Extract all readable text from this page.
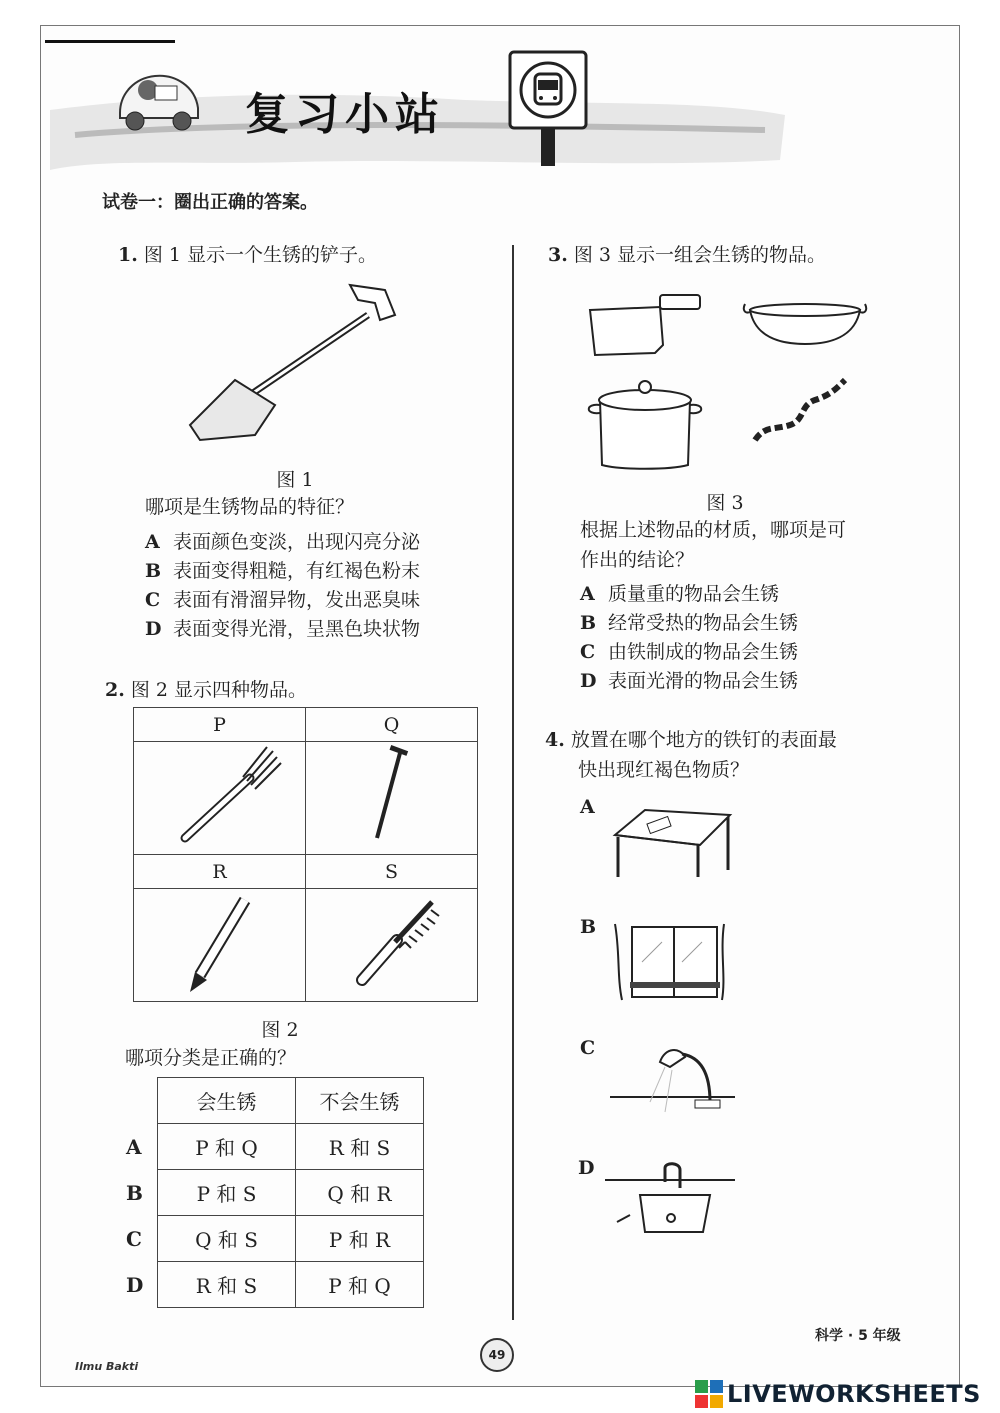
复习小站
试卷一：圈出正确的答案。
1. 图 1 显示一个生锈的铲子。
图 1
哪项是生锈物品的特征？
A 表面颜色变淡，出现闪亮分泌
B 表面变得粗糙，有红褐色粉末
C 表面有滑溜异物，发出恶臭味
D 表面变得光滑，呈黑色块状物
2. 图 2 显示四种物品。
P	Q

R	S

图 2
哪项分类是正确的？
	会生锈	不会生锈
A	P 和 Q	R 和 S
B	P 和 S	Q 和 R
C	Q 和 S	P 和 R
D	R 和 S	P 和 Q
3. 图 3 显示一组会生锈的物品。
图 3
根据上述物品的材质，哪项是可
作出的结论？
A 质量重的物品会生锈
B 经常受热的物品会生锈
C 由铁制成的物品会生锈
D 表面光滑的物品会生锈
4. 放置在哪个地方的铁钉的表面最
快出现红褐色物质？
A
B
C
D
科学 · 5 年级
49
Ilmu Bakti
LIVEWORKSHEETS
